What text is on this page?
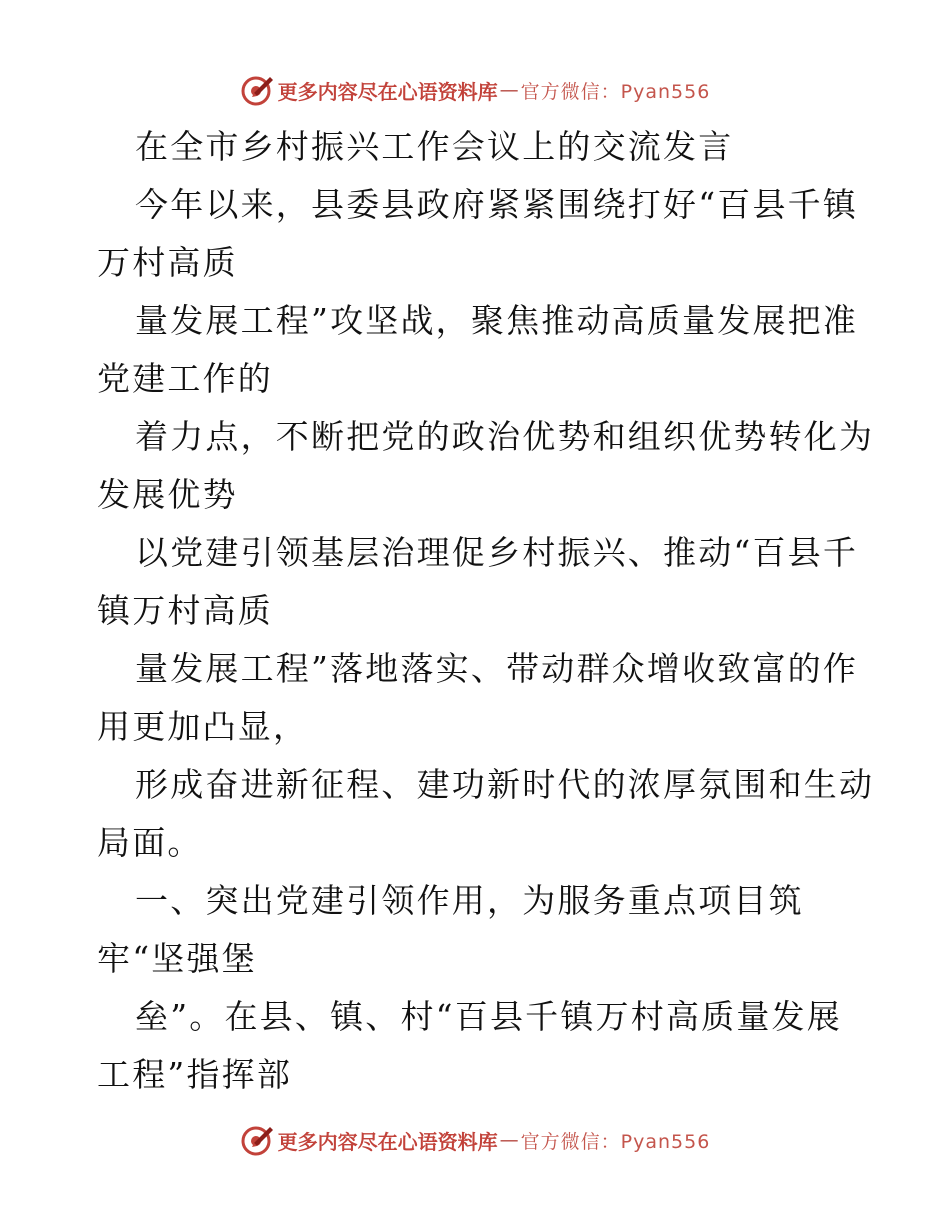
更多内容尽在心语资料库 — 官方微信：Pyan556
在全市乡村振兴工作会议上的交流发言
今年以来，县委县政府紧紧围绕打好“百县千镇
万村高质
量发展工程”攻坚战，聚焦推动高质量发展把准
党建工作的
着力点，不断把党的政治优势和组织优势转化为
发展优势
以党建引领基层治理促乡村振兴、推动“百县千
镇万村高质
量发展工程”落地落实、带动群众增收致富的作
用更加凸显，
形成奋进新征程、建功新时代的浓厚氛围和生动
局面。
一、突出党建引领作用，为服务重点项目筑
牢“坚强堡
垒”。在县、镇、村“百县千镇万村高质量发展
工程”指挥部
更多内容尽在心语资料库 — 官方微信：Pyan556
